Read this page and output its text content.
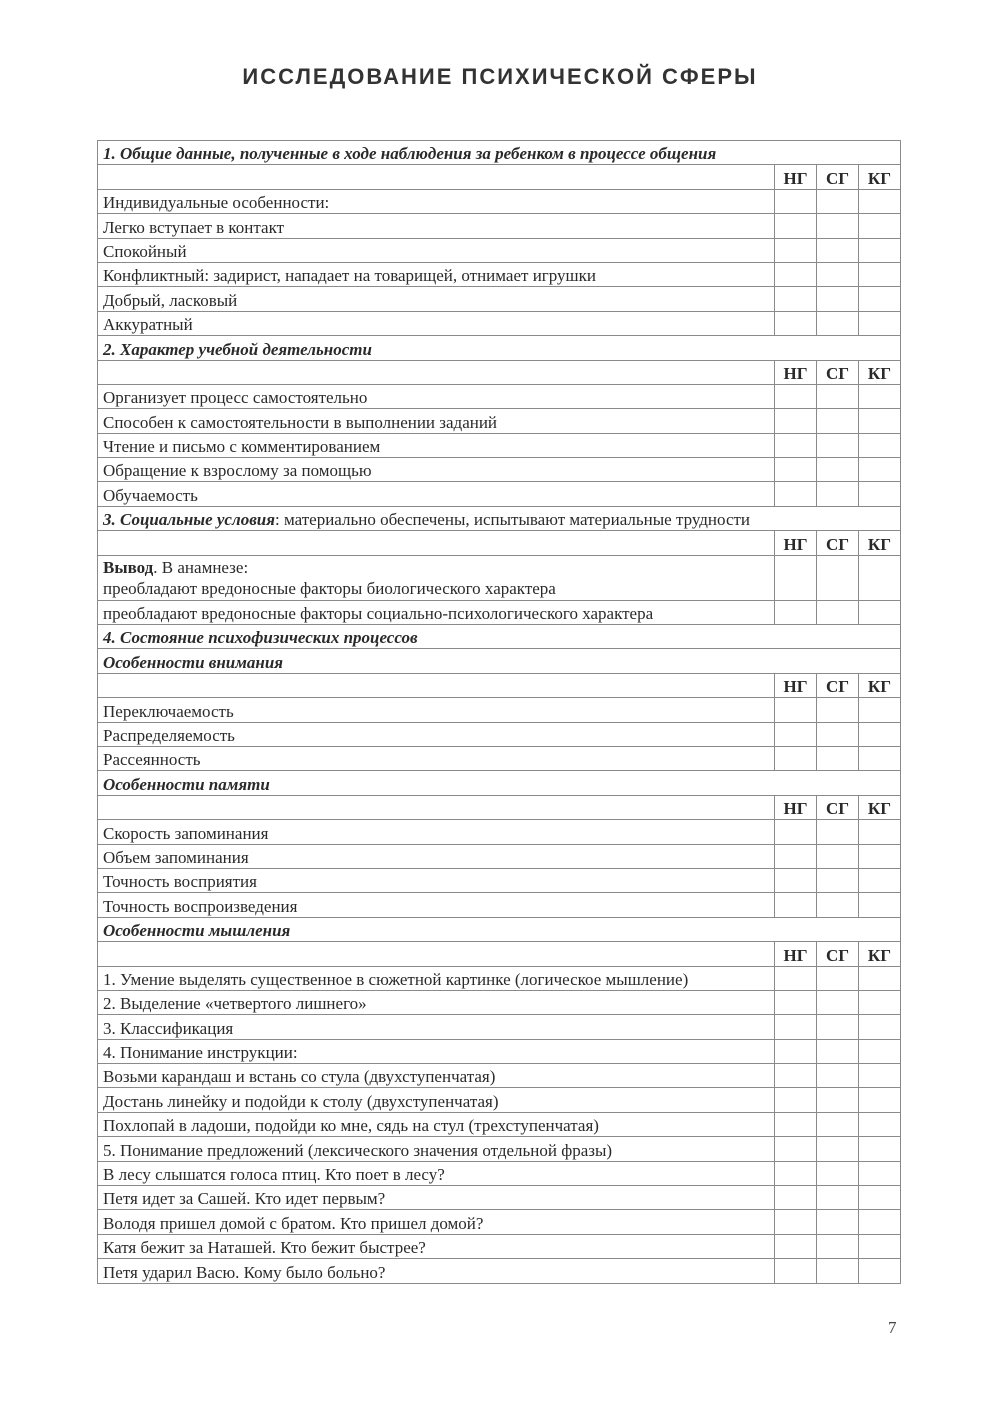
ИССЛЕДОВАНИЕ ПСИХИЧЕСКОЙ СФЕРЫ
1. Общие данные, полученные в ходе наблюдения за ребенком в процессе общения			
	НГ	СГ	КГ
Индивидуальные особенности:			
Легко вступает в контакт			
Спокойный			
Конфликтный: задирист, нападает на товарищей, отнимает игрушки			
Добрый, ласковый			
Аккуратный			
2. Характер учебной деятельности			
	НГ	СГ	КГ
Организует процесс самостоятельно			
Способен к самостоятельности в выполнении заданий			
Чтение и письмо с комментированием			
Обращение к взрослому за помощью			
Обучаемость			
3. Социальные условия: материально обеспечены, испытывают материальные трудности			
	НГ	СГ	КГ
Вывод. В анамнезе:
преобладают вредоносные факторы биологического характера			
преобладают вредоносные факторы социально-психологического характера			
4. Состояние психофизических процессов			
Особенности внимания			
	НГ	СГ	КГ
Переключаемость			
Распределяемость			
Рассеянность			
Особенности памяти			
	НГ	СГ	КГ
Скорость запоминания			
Объем запоминания			
Точность восприятия			
Точность воспроизведения			
Особенности мышления			
	НГ	СГ	КГ
1. Умение выделять существенное в сюжетной картинке (логическое мышление)			
2. Выделение «четвертого лишнего»			
3. Классификация			
4. Понимание инструкции:			
Возьми карандаш и встань со стула (двухступенчатая)			
Достань линейку и подойди к столу (двухступенчатая)			
Похлопай в ладоши, подойди ко мне, сядь на стул (трехступенчатая)			
5. Понимание предложений (лексического значения отдельной фразы)			
В лесу слышатся голоса птиц. Кто поет в лесу?			
Петя идет за Сашей. Кто идет первым?			
Володя пришел домой с братом. Кто пришел домой?			
Катя бежит за Наташей. Кто бежит быстрее?			
Петя ударил Васю. Кому было больно?			
7
